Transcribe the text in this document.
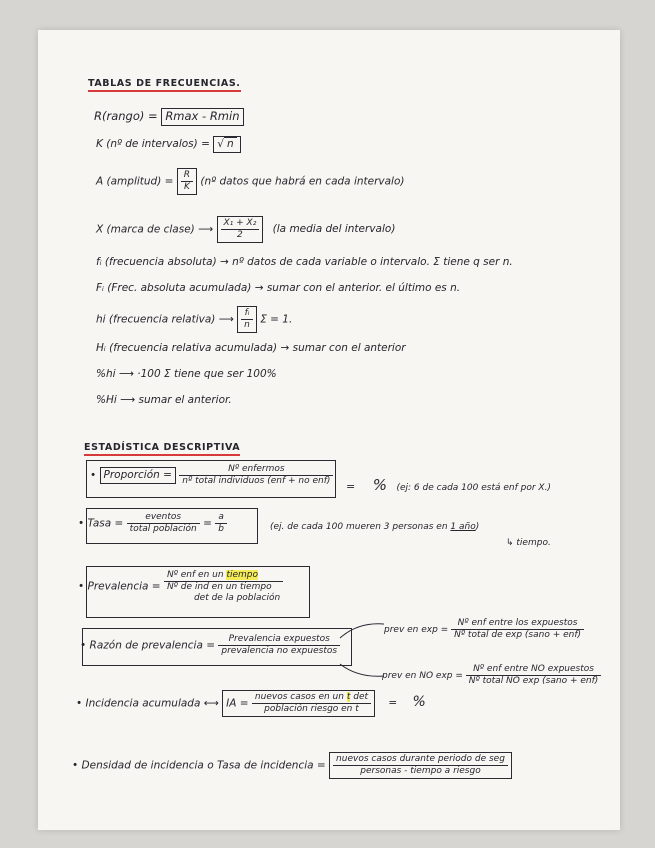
TABLAS DE FRECUENCIAS.
R(rango) = Rmax - Rmin
K (nº de intervalos) = √ n
A (amplitud) = $\frac{R}{K}$ (nº datos que habrá en cada intervalo)
X (marca de clase) ⟶ $\frac{\text{X₁ + X₂}}{2} (la$ media del intervalo)
fᵢ (frecuencia absoluta) → nº datos de cada variable o intervalo. Σ tiene q ser n.
Fᵢ (Frec. absoluta acumulada) → sumar con el anterior. el último es n.
hi (frecuencia relativa) ⟶ $\frac{\text{fᵢ}}{n}$ Σ = 1.
Hᵢ (frecuencia relativa acumulada) → sumar con el anterior
%hi ⟶ ·100 Σ tiene que ser 100%
%Hi ⟶ sumar el anterior.
ESTADÍSTICA DESCRIPTIVA
• Proporción = $\frac{\text{Nº enfermos}}{\text{nº total individuos (enf + no enf)}}$ = % (ej: 6 de cada 100 está enf por X.)
• Tasa = $\frac{\text{eventos}}{\text{total población}} = \frac{a}{b}$	(ej. de cada 100 mueren 3 personas en 1 año)
↳ tiempo.
• Prevalencia =
Nº enf en un tiempo
Nº de ind en un tiempo
det de la población
• Razón de prevalencia = $\frac{\text{Prevalencia expuestos}}{\text{prevalencia no expuestos}}$
prev en $\exp = \frac{\text{Nº enf entre los expuestos}}{\text{Nº total de exp (sano + enf)}}$
prev en NO $\exp = \frac{\text{Nº enf entre NO expuestos}}{\text{Nº total NO exp (sano + enf)}}$
• Incidencia acumulada ⟷ IA = $\frac{\text{nuevos casos en un t det}}{\text{población riesgo en t}}$ = %
• Densidad de incidencia o Tasa de incidencia = $\frac{\text{nuevos casos durante periodo de seg}}{\text{personas - tiempo a riesgo}}$
